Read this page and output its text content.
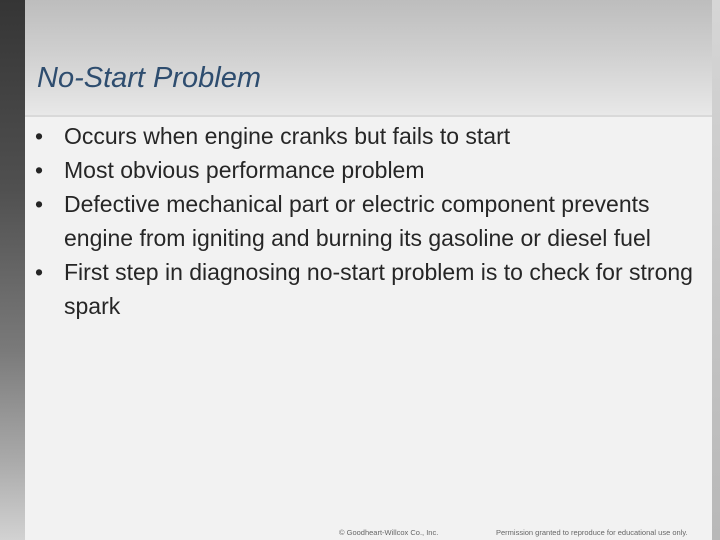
No-Start Problem
• Occurs when engine cranks but fails to start
• Most obvious performance problem
• Defective mechanical part or electric component prevents engine from igniting and burning its gasoline or diesel fuel
• First step in diagnosing no-start problem is to check for strong spark
© Goodheart-Willcox Co., Inc.	Permission granted to reproduce for educational use only.
